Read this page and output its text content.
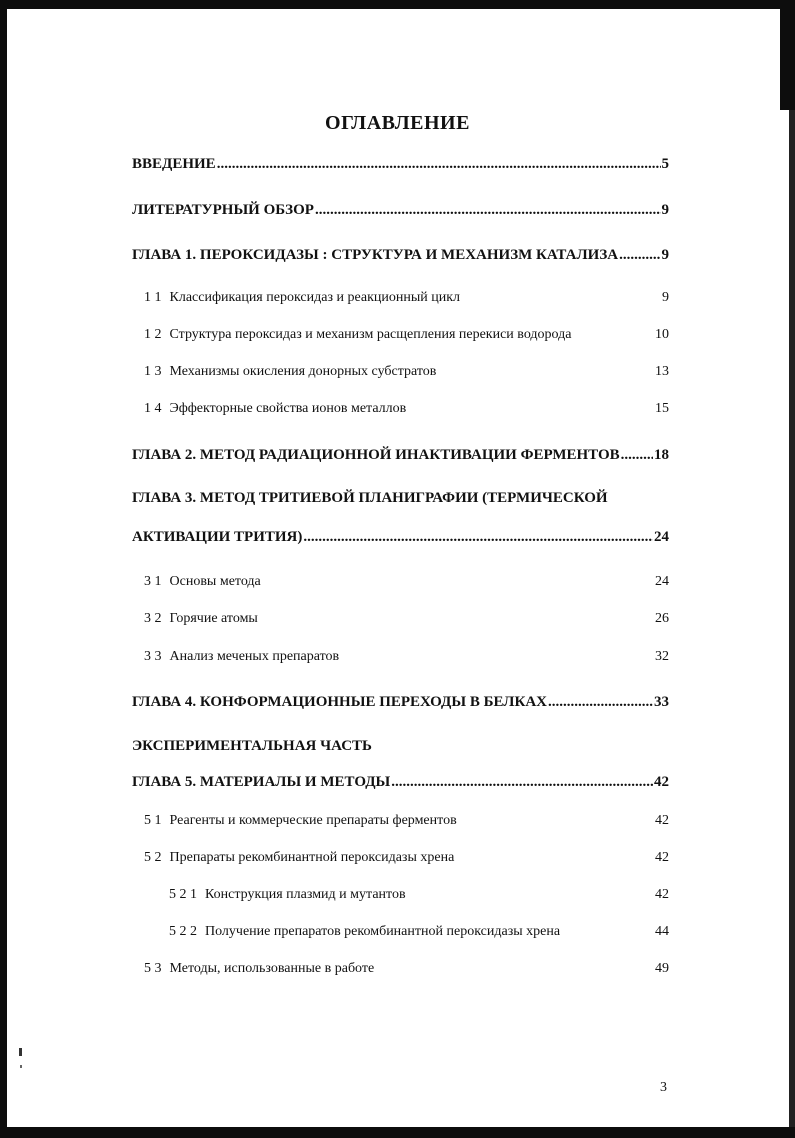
ОГЛАВЛЕНИЕ
ВВЕДЕНИЕ .....	5
ЛИТЕРАТУРНЫЙ ОБЗОР .....	9
ГЛАВА 1. ПЕРОКСИДАЗЫ : СТРУКТУРА И МЕХАНИЗМ КАТАЛИЗА .....	9
1 1 Классификация пероксидаз и реакционный цикл	9
1 2 Структура пероксидаз и механизм расщепления перекиси водорода	10
1 3 Механизмы окисления донорных субстратов	13
1 4 Эффекторные свойства ионов металлов	15
ГЛАВА 2. МЕТОД РАДИАЦИОННОЙ ИНАКТИВАЦИИ ФЕРМЕНТОВ ..... 18
ГЛАВА 3. МЕТОД ТРИТИЕВОЙ ПЛАНИГРАФИИ (ТЕРМИЧЕСКОЙ
АКТИВАЦИИ ТРИТИЯ) .....	24
3 1 Основы метода	24
3 2 Горячие атомы	26
3 3 Анализ меченых препаратов	32
ГЛАВА 4. КОНФОРМАЦИОННЫЕ ПЕРЕХОДЫ В БЕЛКАХ .....	33
ЭКСПЕРИМЕНТАЛЬНАЯ ЧАСТЬ
ГЛАВА 5. МАТЕРИАЛЫ И МЕТОДЫ .....	42
5 1 Реагенты и коммерческие препараты ферментов	42
5 2 Препараты рекомбинантной пероксидазы хрена	42
5 2 1 Конструкция плазмид и мутантов	42
5 2 2 Получение препаратов рекомбинантной пероксидазы хрена	44
5 3 Методы, использованные в работе	49
3
